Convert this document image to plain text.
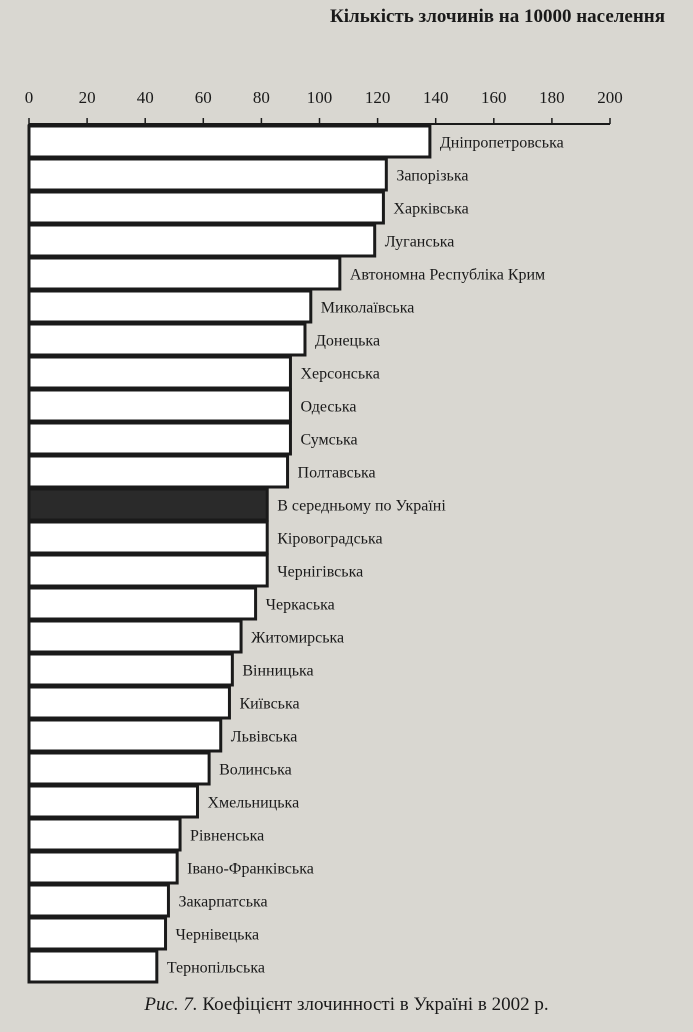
Кількість злочинів на 10000 населення
0	20 40 60 80 100 120 140 160 180 200
Дніпропетровська
Запорізька
Харківська
Луганська
Автономна Республіка Крим
Миколаївська
Донецька
Херсонська
Одеська
Сумська
Полтавська
В середньому по Україні
Кіровоградська
Чернігівська
Черкаська
Житомирська
Вінницька
Київська
Львівська
Волинська
Хмельницька
Рівненська
Івано-Франківська
Закарпатська
Чернівецька
Тернопільська
Рис. 7. Коефіцієнт злочинності в Україні в 2002 р.
